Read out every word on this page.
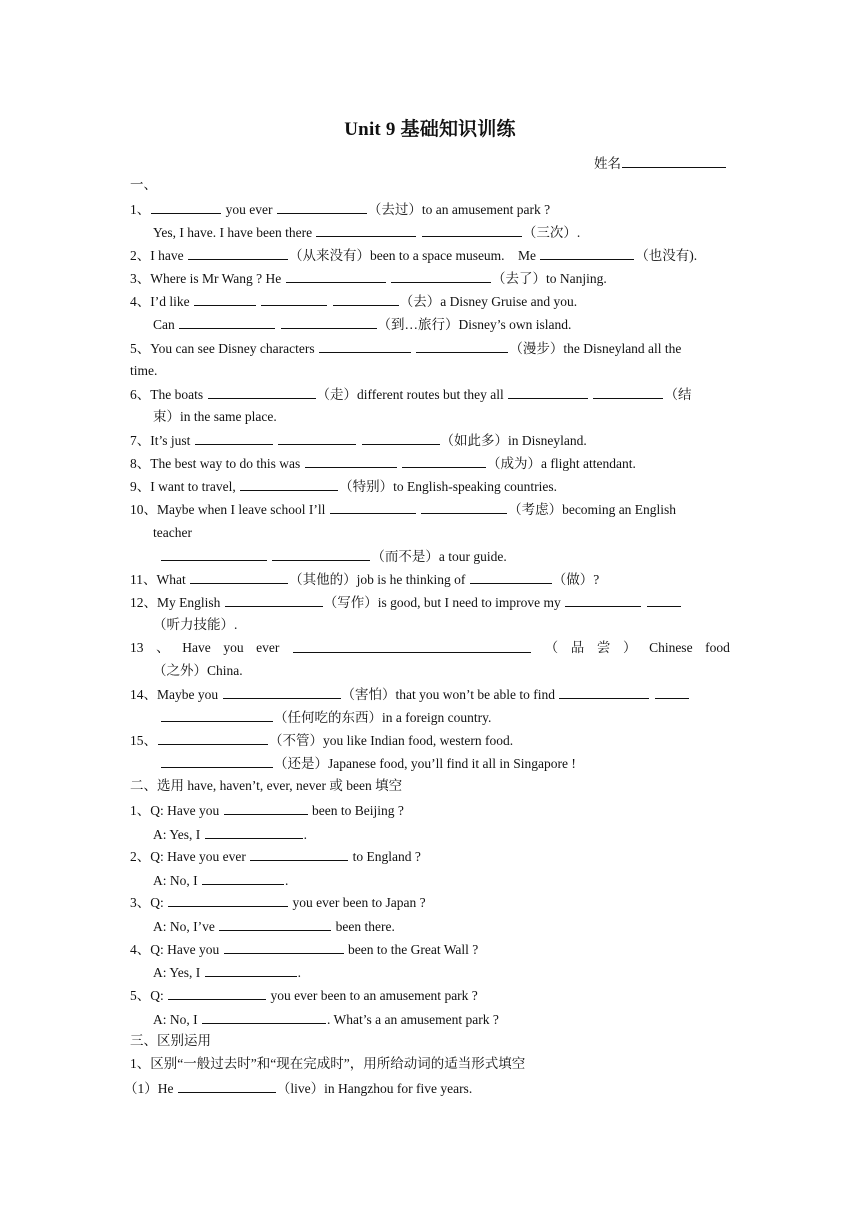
Unit 9 基础知识训练
姓名
一、
1、	you ever	（去过）to an amusement park ?
Yes, I have. I have been there	（三次）.
2、I have	（从来没有）been to a space museum. Me	（也没有).
3、Where is Mr Wang ? He	（去了）to Nanjing.
4、I’d like	（去）a Disney Gruise and you.
Can	（到…旅行）Disney’s own island.
5、You can see Disney characters	（漫步）the Disneyland all the
time.
6、The boats	（走）different routes but they all	（结
束）in the same place.
7、It’s just	（如此多）in Disneyland.
8、The best way to do this was	（成为）a flight attendant.
9、I want to travel,	（特别）to English-speaking countries.
10、Maybe when I leave school I’ll	（考虑）becoming an English
teacher
（而不是）a tour guide.
11、What	（其他的）job is he thinking of	（做）?
12、My English	（写作）is good, but I need to improve my
（听力技能）.
13 、 Have you ever	（ 品 尝 ） Chinese food
（之外）China.
14、Maybe you	（害怕）that you won’t be able to find
（任何吃的东西）in a foreign country.
15、	（不管）you like Indian food, western food.
（还是）Japanese food, you’ll find it all in Singapore !
二、选用 have, haven’t, ever, never 或 been 填空
1、Q: Have you	been to Beijing ?
A: Yes, I	.
2、Q: Have you ever	to England ?
A: No, I	.
3、Q:	you ever been to Japan ?
A: No, I’ve	been there.
4、Q: Have you	been to the Great Wall ?
A: Yes, I	.
5、Q:	you ever been to an amusement park ?
A: No, I	. What’s a an amusement park ?
三、区别运用
1、区别“一般过去时”和“现在完成时”，用所给动词的适当形式填空
（1）He	（live）in Hangzhou for five years.
